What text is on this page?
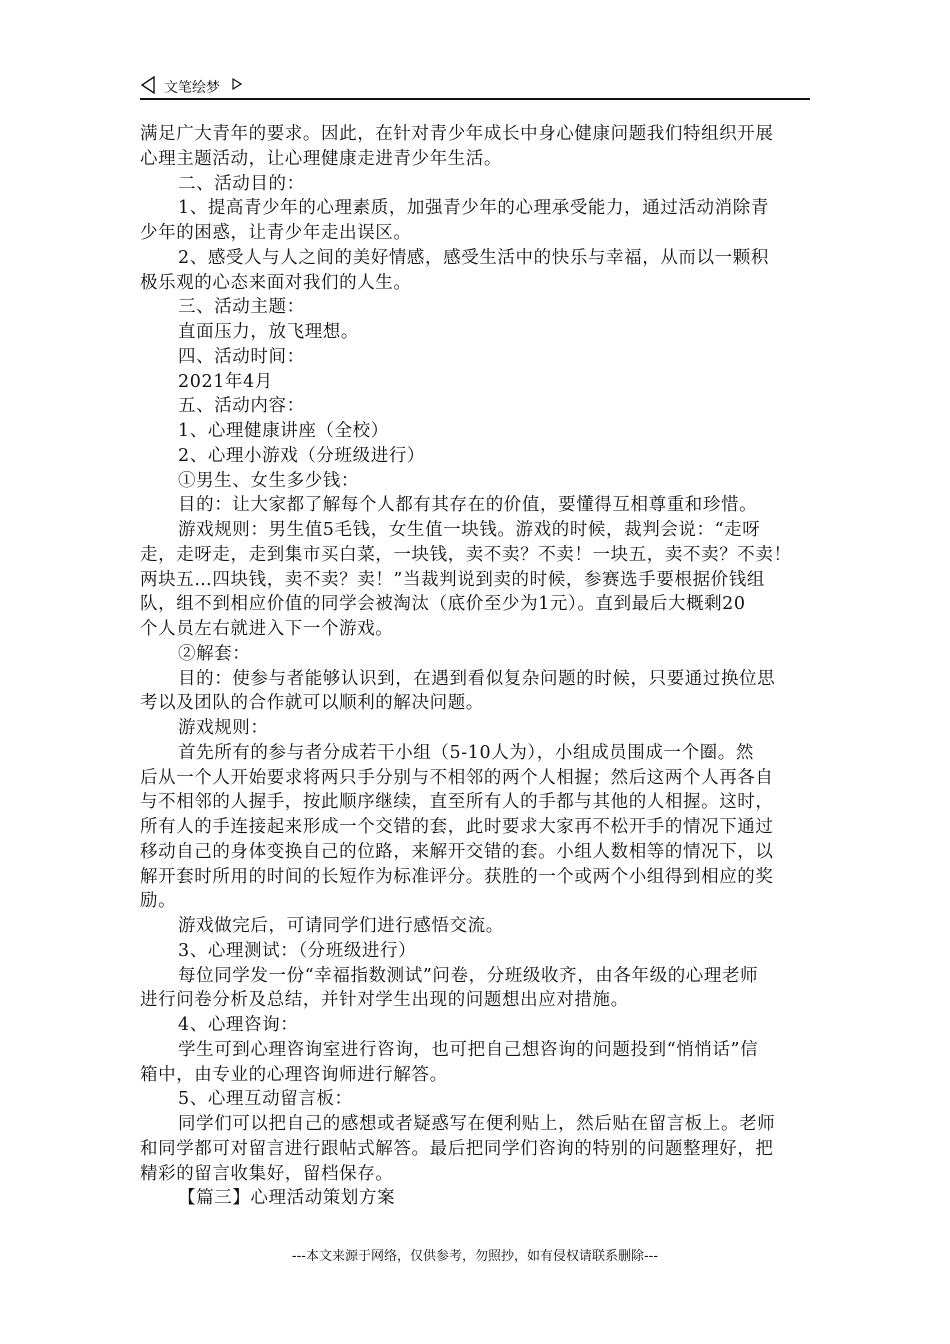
文笔绘梦
满足广大青年的要求。因此，在针对青少年成长中身心健康问题我们特组织开展
心理主题活动，让心理健康走进青少年生活。
二、活动目的：
1、提高青少年的心理素质，加强青少年的心理承受能力，通过活动消除青
少年的困惑，让青少年走出误区。
2、感受人与人之间的美好情感，感受生活中的快乐与幸福，从而以一颗积
极乐观的心态来面对我们的人生。
三、活动主题：
直面压力，放飞理想。
四、活动时间：
2021年4月
五、活动内容：
1、心理健康讲座（全校）
2、心理小游戏（分班级进行）
①男生、女生多少钱：
目的：让大家都了解每个人都有其存在的价值，要懂得互相尊重和珍惜。
游戏规则：男生值5毛钱，女生值一块钱。游戏的时候，裁判会说：“走呀
走，走呀走，走到集市买白菜，一块钱，卖不卖？不卖！一块五，卖不卖？不卖！
两块五…四块钱，卖不卖？卖！”当裁判说到卖的时候，参赛选手要根据价钱组
队，组不到相应价值的同学会被淘汰（底价至少为1元）。直到最后大概剩20
个人员左右就进入下一个游戏。
②解套：
目的：使参与者能够认识到，在遇到看似复杂问题的时候，只要通过换位思
考以及团队的合作就可以顺利的解决问题。
游戏规则：
首先所有的参与者分成若干小组（5-10人为），小组成员围成一个圈。然
后从一个人开始要求将两只手分别与不相邻的两个人相握；然后这两个人再各自
与不相邻的人握手，按此顺序继续，直至所有人的手都与其他的人相握。这时，
所有人的手连接起来形成一个交错的套，此时要求大家再不松开手的情况下通过
移动自己的身体变换自己的位路，来解开交错的套。小组人数相等的情况下，以
解开套时所用的时间的长短作为标准评分。获胜的一个或两个小组得到相应的奖
励。
游戏做完后，可请同学们进行感悟交流。
3、心理测试：（分班级进行）
每位同学发一份“幸福指数测试”问卷，分班级收齐，由各年级的心理老师
进行问卷分析及总结，并针对学生出现的问题想出应对措施。
4、心理咨询：
学生可到心理咨询室进行咨询，也可把自己想咨询的问题投到“悄悄话”信
箱中，由专业的心理咨询师进行解答。
5、心理互动留言板：
同学们可以把自己的感想或者疑惑写在便利贴上，然后贴在留言板上。老师
和同学都可对留言进行跟帖式解答。最后把同学们咨询的特别的问题整理好，把
精彩的留言收集好，留档保存。
【篇三】心理活动策划方案
---本文来源于网络，仅供参考，勿照抄，如有侵权请联系删除---
